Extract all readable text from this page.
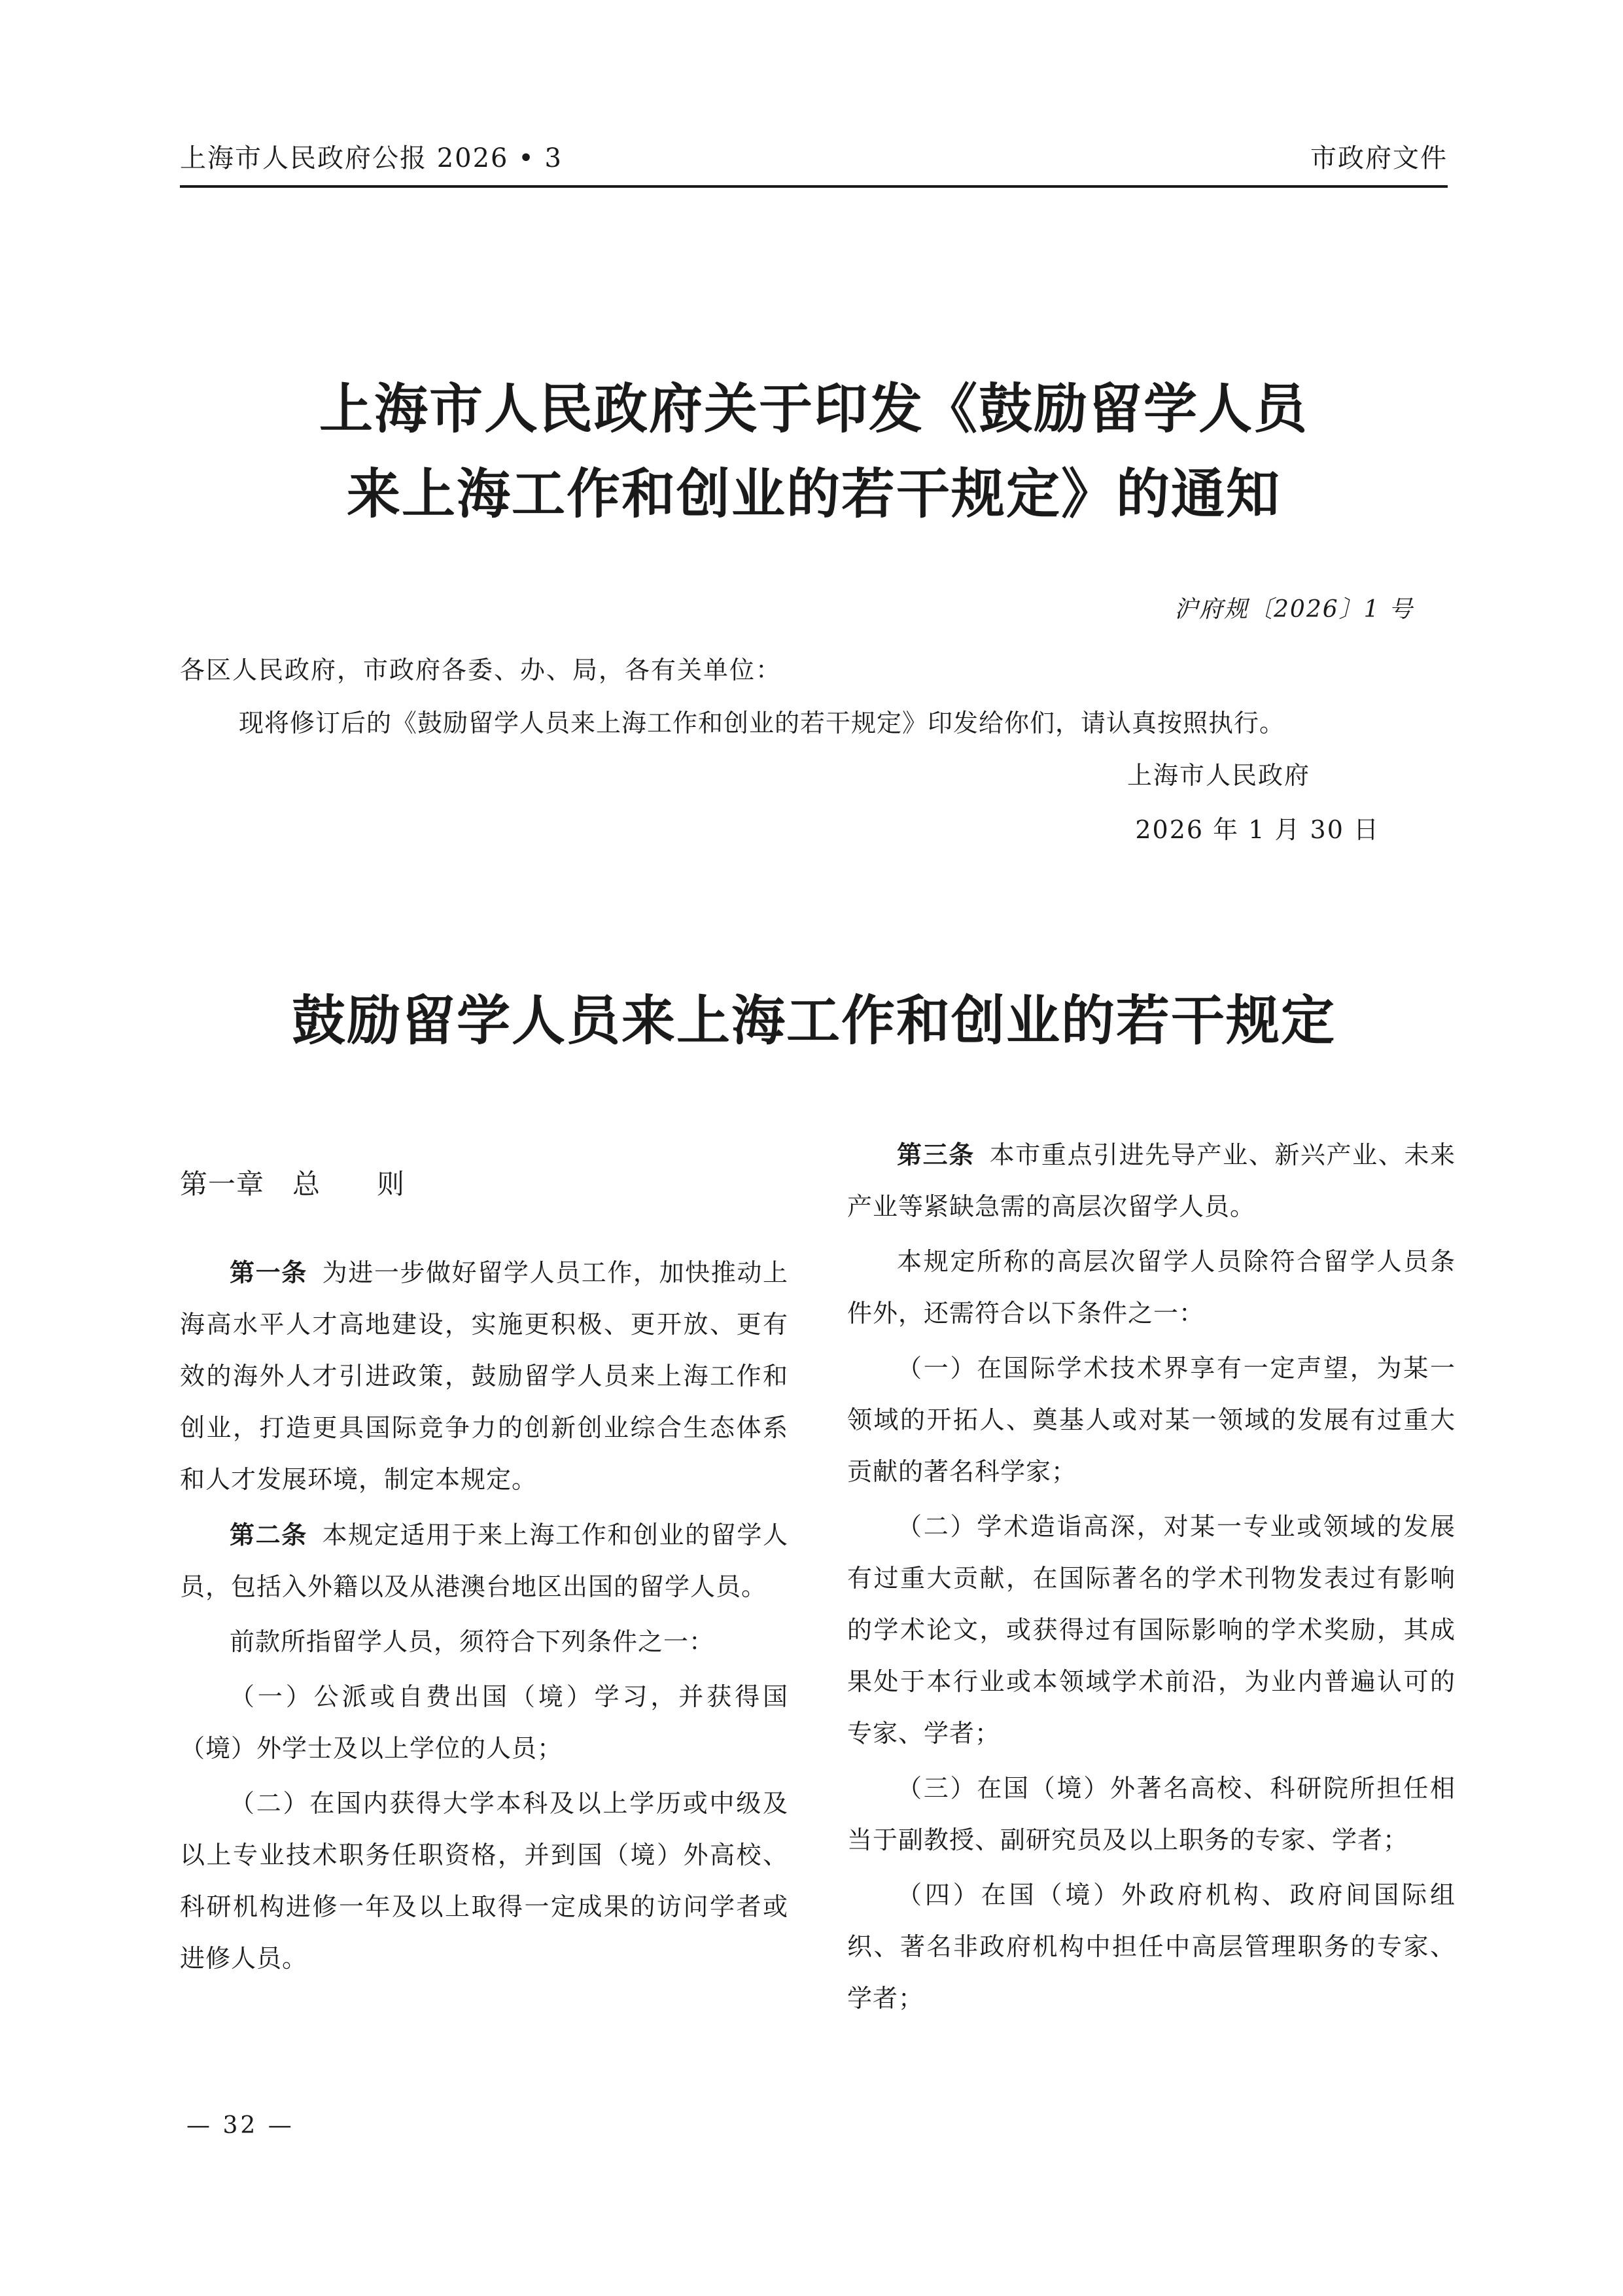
上海市人民政府公报 2026 • 3	市政府文件
上海市人民政府关于印发《鼓励留学人员
来上海工作和创业的若干规定》的通知
沪府规〔2026〕1 号
各区人民政府，市政府各委、办、局，各有关单位：
现将修订后的《鼓励留学人员来上海工作和创业的若干规定》印发给你们，请认真按照执行。
上海市人民政府
2026 年 1 月 30 日
鼓励留学人员来上海工作和创业的若干规定

第一章　总　　则

第一条 为进一步做好留学人员工作，加快推动上海高水平人才高地建设，实施更积极、更开放、更有效的海外人才引进政策，鼓励留学人员来上海工作和创业，打造更具国际竞争力的创新创业综合生态体系和人才发展环境，制定本规定。

第二条 本规定适用于来上海工作和创业的留学人员，包括入外籍以及从港澳台地区出国的留学人员。

前款所指留学人员，须符合下列条件之一：

（一）公派或自费出国（境）学习，并获得国（境）外学士及以上学位的人员；

（二）在国内获得大学本科及以上学历或中级及以上专业技术职务任职资格，并到国（境）外高校、科研机构进修一年及以上取得一定成果的访问学者或进修人员。

第三条 本市重点引进先导产业、新兴产业、未来产业等紧缺急需的高层次留学人员。

本规定所称的高层次留学人员除符合留学人员条件外，还需符合以下条件之一：

（一）在国际学术技术界享有一定声望，为某一领域的开拓人、奠基人或对某一领域的发展有过重大贡献的著名科学家；

（二）学术造诣高深，对某一专业或领域的发展有过重大贡献，在国际著名的学术刊物发表过有影响的学术论文，或获得过有国际影响的学术奖励，其成果处于本行业或本领域学术前沿，为业内普遍认可的专家、学者；

（三）在国（境）外著名高校、科研院所担任相当于副教授、副研究员及以上职务的专家、学者；

（四）在国（境）外政府机构、政府间国际组织、著名非政府机构中担任中高层管理职务的专家、学者；

— 32 —
